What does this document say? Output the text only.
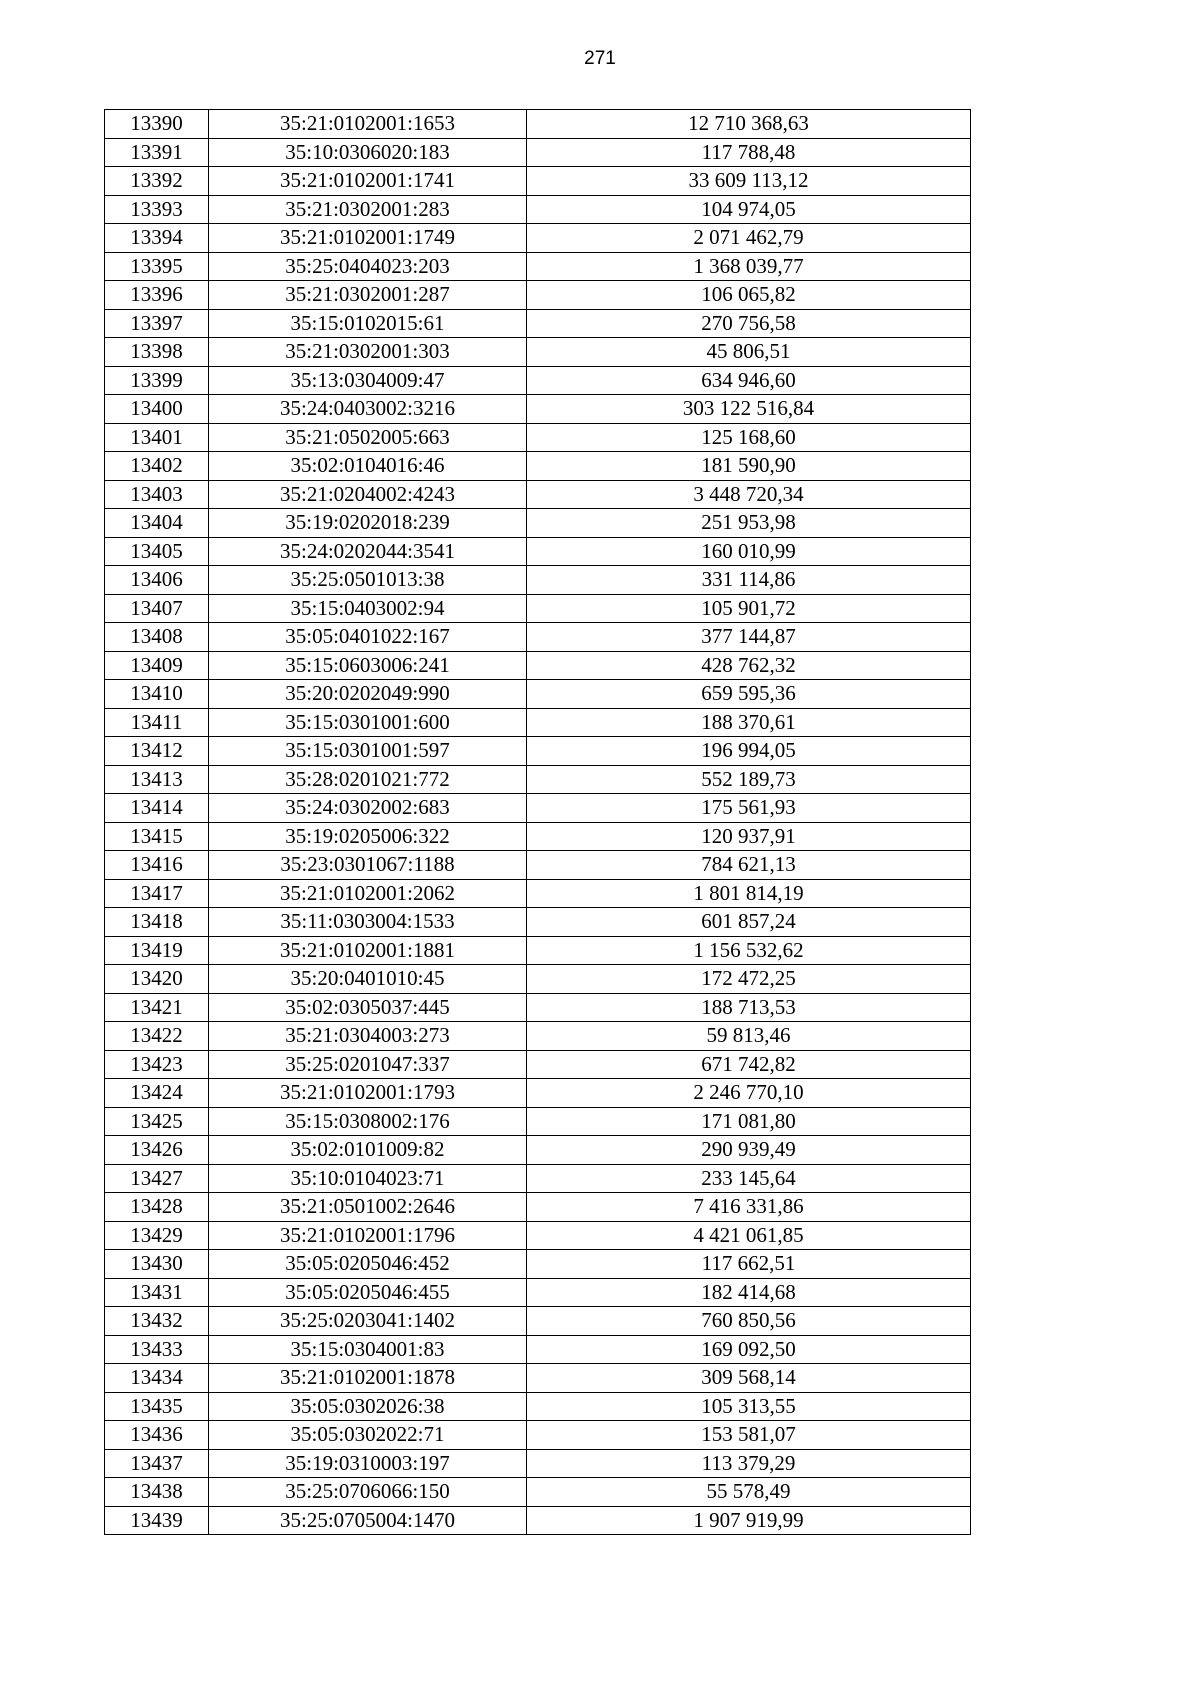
271
13390	35:21:0102001:1653	12 710 368,63
13391	35:10:0306020:183	117 788,48
13392	35:21:0102001:1741	33 609 113,12
13393	35:21:0302001:283	104 974,05
13394	35:21:0102001:1749	2 071 462,79
13395	35:25:0404023:203	1 368 039,77
13396	35:21:0302001:287	106 065,82
13397	35:15:0102015:61	270 756,58
13398	35:21:0302001:303	45 806,51
13399	35:13:0304009:47	634 946,60
13400	35:24:0403002:3216	303 122 516,84
13401	35:21:0502005:663	125 168,60
13402	35:02:0104016:46	181 590,90
13403	35:21:0204002:4243	3 448 720,34
13404	35:19:0202018:239	251 953,98
13405	35:24:0202044:3541	160 010,99
13406	35:25:0501013:38	331 114,86
13407	35:15:0403002:94	105 901,72
13408	35:05:0401022:167	377 144,87
13409	35:15:0603006:241	428 762,32
13410	35:20:0202049:990	659 595,36
13411	35:15:0301001:600	188 370,61
13412	35:15:0301001:597	196 994,05
13413	35:28:0201021:772	552 189,73
13414	35:24:0302002:683	175 561,93
13415	35:19:0205006:322	120 937,91
13416	35:23:0301067:1188	784 621,13
13417	35:21:0102001:2062	1 801 814,19
13418	35:11:0303004:1533	601 857,24
13419	35:21:0102001:1881	1 156 532,62
13420	35:20:0401010:45	172 472,25
13421	35:02:0305037:445	188 713,53
13422	35:21:0304003:273	59 813,46
13423	35:25:0201047:337	671 742,82
13424	35:21:0102001:1793	2 246 770,10
13425	35:15:0308002:176	171 081,80
13426	35:02:0101009:82	290 939,49
13427	35:10:0104023:71	233 145,64
13428	35:21:0501002:2646	7 416 331,86
13429	35:21:0102001:1796	4 421 061,85
13430	35:05:0205046:452	117 662,51
13431	35:05:0205046:455	182 414,68
13432	35:25:0203041:1402	760 850,56
13433	35:15:0304001:83	169 092,50
13434	35:21:0102001:1878	309 568,14
13435	35:05:0302026:38	105 313,55
13436	35:05:0302022:71	153 581,07
13437	35:19:0310003:197	113 379,29
13438	35:25:0706066:150	55 578,49
13439	35:25:0705004:1470	1 907 919,99
